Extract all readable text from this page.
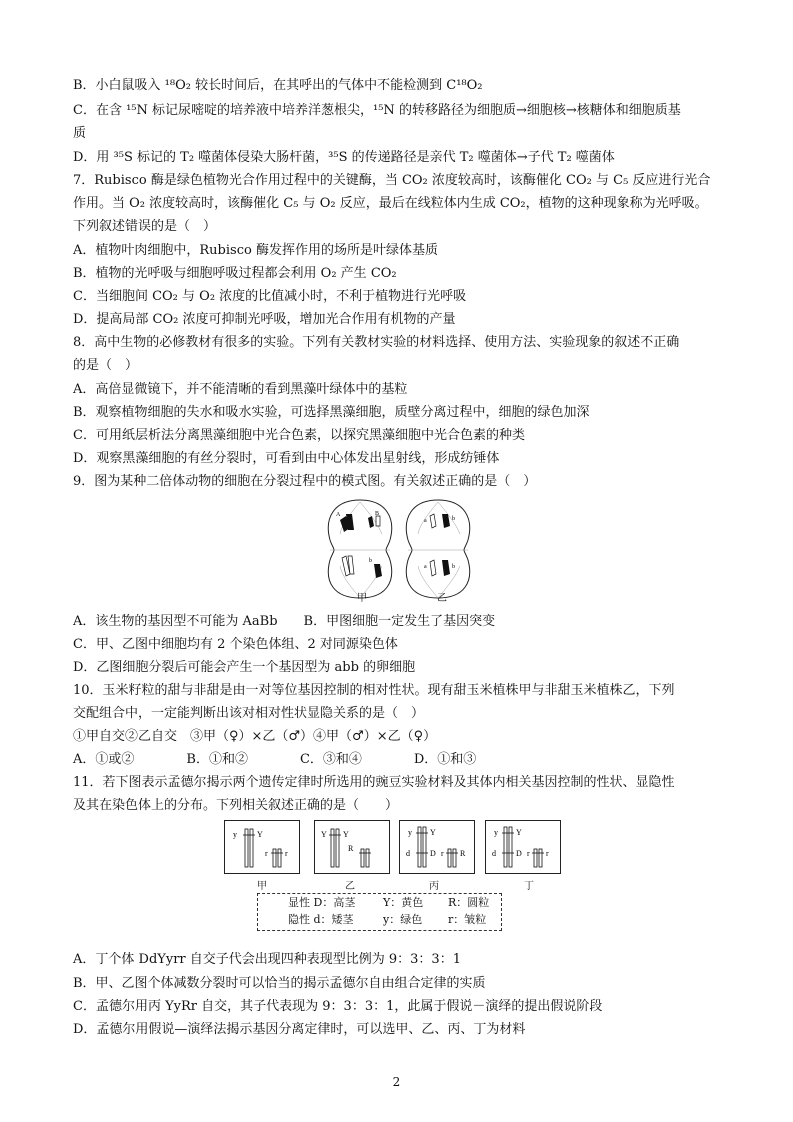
B．小白鼠吸入 ¹⁸O₂ 较长时间后，在其呼出的气体中不能检测到 C¹⁸O₂
C．在含 ¹⁵N 标记尿嘧啶的培养液中培养洋葱根尖，¹⁵N 的转移路径为细胞质→细胞核→核糖体和细胞质基
质
D．用 ³⁵S 标记的 T₂ 噬菌体侵染大肠杆菌，³⁵S 的传递路径是亲代 T₂ 噬菌体→子代 T₂ 噬菌体
7．Rubisco 酶是绿色植物光合作用过程中的关键酶，当 CO₂ 浓度较高时，该酶催化 CO₂ 与 C₅ 反应进行光合
作用。当 O₂ 浓度较高时，该酶催化 C₅ 与 O₂ 反应，最后在线粒体内生成 CO₂，植物的这种现象称为光呼吸。
下列叙述错误的是（　）
A．植物叶肉细胞中，Rubisco 酶发挥作用的场所是叶绿体基质
B．植物的光呼吸与细胞呼吸过程都会利用 O₂ 产生 CO₂
C．当细胞间 CO₂ 与 O₂ 浓度的比值减小时，不利于植物进行光呼吸
D．提高局部 CO₂ 浓度可抑制光呼吸，增加光合作用有机物的产量
8．高中生物的必修教材有很多的实验。下列有关教材实验的材料选择、使用方法、实验现象的叙述不正确
的是（　）
A．高倍显微镜下，并不能清晰的看到黑藻叶绿体中的基粒
B．观察植物细胞的失水和吸水实验，可选择黑藻细胞，质壁分离过程中，细胞的绿色加深
C．可用纸层析法分离黑藻细胞中光合色素，以探究黑藻细胞中光合色素的种类
D．观察黑藻细胞的有丝分裂时，可看到由中心体发出星射线，形成纺锤体
9．图为某种二倍体动物的细胞在分裂过程中的模式图。有关叙述正确的是（　）
A	B
b
a	b
a	b
甲	乙
A．该生物的基因型不可能为 AaBb　　B．甲图细胞一定发生了基因突变
C．甲、乙图中细胞均有 2 个染色体组、2 对同源染色体
D．乙图细胞分裂后可能会产生一个基因型为 abb 的卵细胞
10．玉米籽粒的甜与非甜是由一对等位基因控制的相对性状。现有甜玉米植株甲与非甜玉米植株乙，下列
交配组合中，一定能判断出该对相对性状显隐关系的是（　）
①甲自交②乙自交　③甲（♀）×乙（♂）④甲（♂）×乙（♀）
A．①或②　　　　B．①和②　　　　C．③和④　　　　D．①和③
11．若下图表示孟德尔揭示两个遗传定律时所选用的豌豆实验材料及其体内相关基因控制的性状、显隐性
及其在染色体上的分布。下列相关叙述正确的是（　　）
y	Y
r r
Y Y
R
y Y
d	D r R
y Y
d	D r r
甲	乙	丙	丁
显性 D：高茎	Y：黄色 R：圆粒
隐性 d：矮茎	y：绿色 r：皱粒
A．丁个体 DdYyrr 自交子代会出现四种表现型比例为 9：3：3：1
B．甲、乙图个体减数分裂时可以恰当的揭示孟德尔自由组合定律的实质
C．孟德尔用丙 YyRr 自交，其子代表现为 9：3：3：1，此属于假说－演绎的提出假说阶段
D．孟德尔用假说—演绎法揭示基因分离定律时，可以选甲、乙、丙、丁为材料
2
